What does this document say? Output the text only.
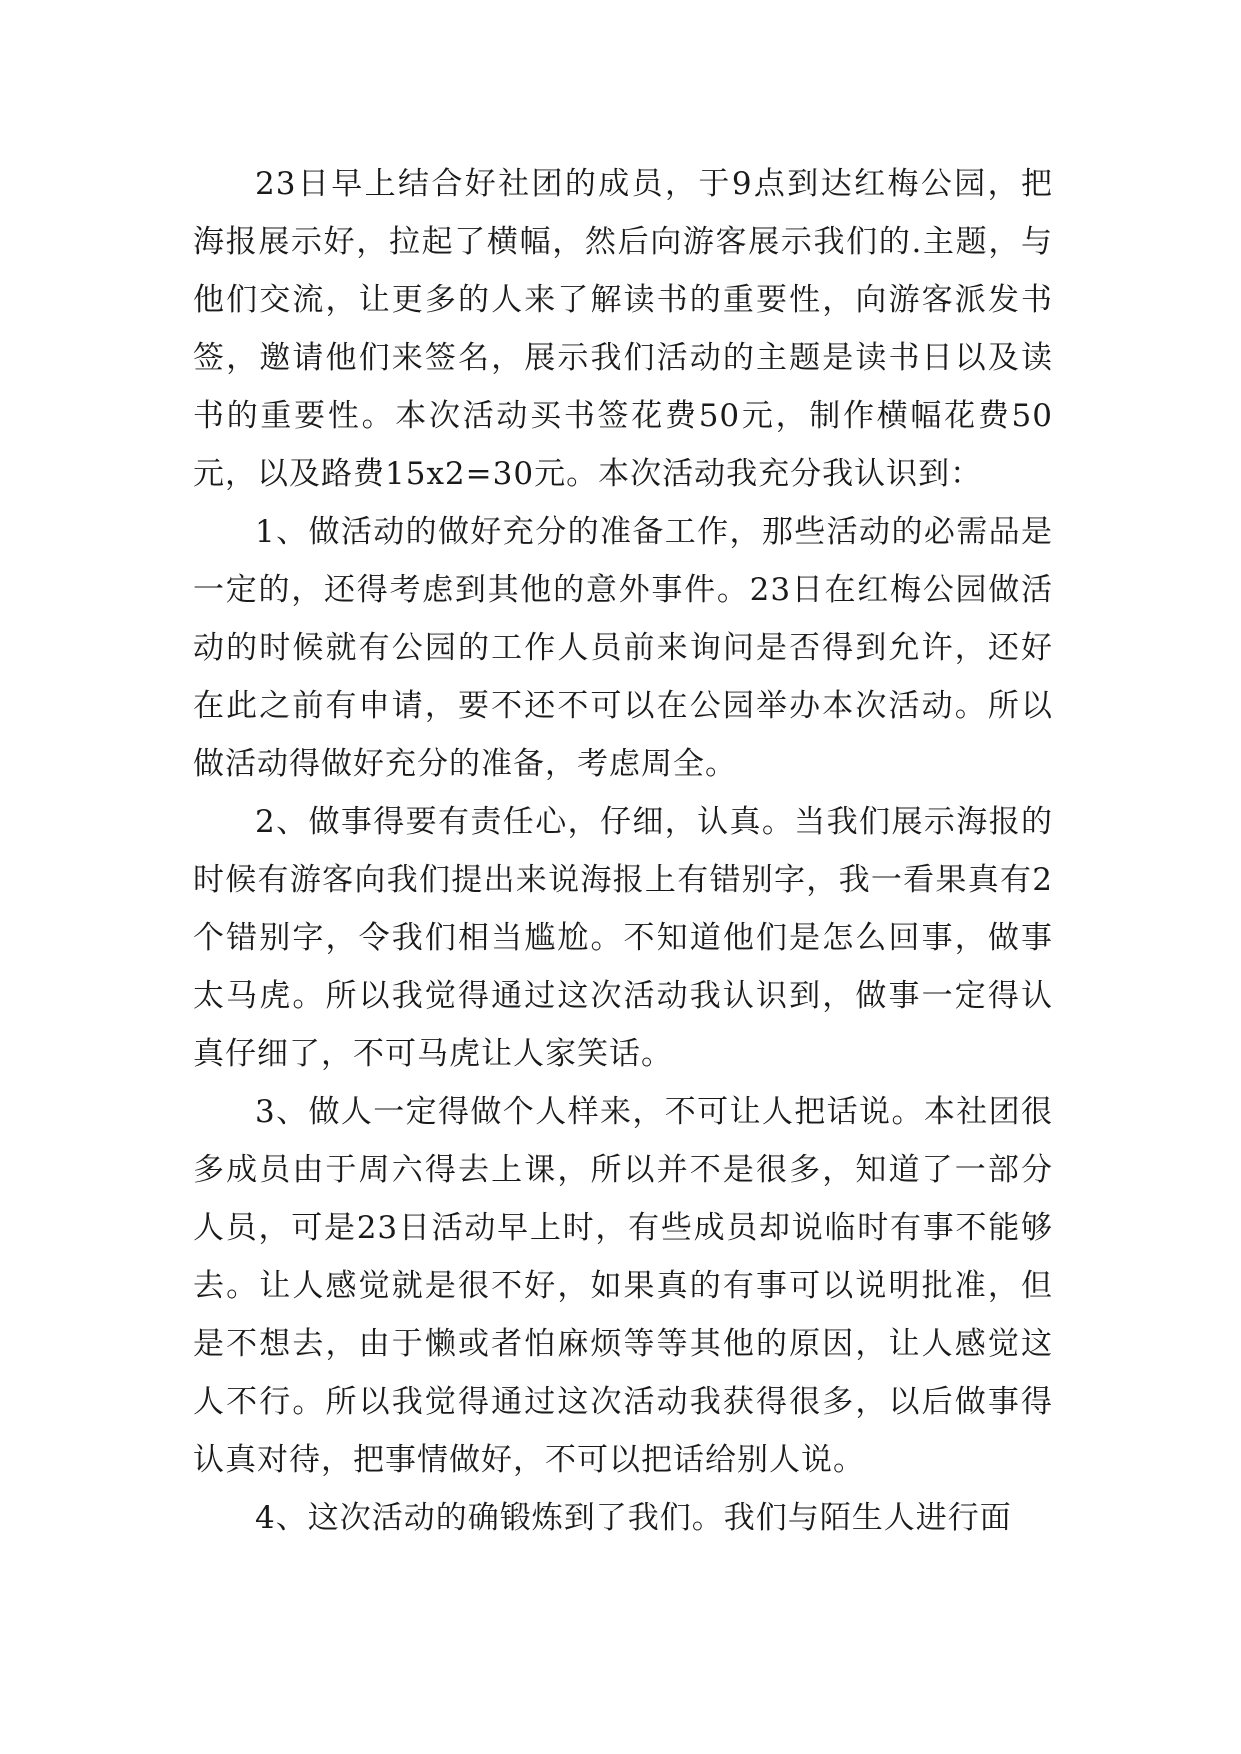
23日早上结合好社团的成员，于9点到达红梅公园，把海报展示好，拉起了横幅，然后向游客展示我们的.主题，与他们交流，让更多的人来了解读书的重要性，向游客派发书签，邀请他们来签名，展示我们活动的主题是读书日以及读书的重要性。本次活动买书签花费50元，制作横幅花费50元，以及路费15x2=30元。本次活动我充分我认识到：

1、做活动的做好充分的准备工作，那些活动的必需品是一定的，还得考虑到其他的意外事件。23日在红梅公园做活动的时候就有公园的工作人员前来询问是否得到允许，还好在此之前有申请，要不还不可以在公园举办本次活动。所以做活动得做好充分的准备，考虑周全。

2、做事得要有责任心，仔细，认真。当我们展示海报的时候有游客向我们提出来说海报上有错别字，我一看果真有2个错别字，令我们相当尴尬。不知道他们是怎么回事，做事太马虎。所以我觉得通过这次活动我认识到，做事一定得认真仔细了，不可马虎让人家笑话。

3、做人一定得做个人样来，不可让人把话说。本社团很多成员由于周六得去上课，所以并不是很多，知道了一部分人员，可是23日活动早上时，有些成员却说临时有事不能够去。让人感觉就是很不好，如果真的有事可以说明批准，但是不想去，由于懒或者怕麻烦等等其他的原因，让人感觉这人不行。所以我觉得通过这次活动我获得很多，以后做事得认真对待，把事情做好，不可以把话给别人说。

4、这次活动的确锻炼到了我们。我们与陌生人进行面
